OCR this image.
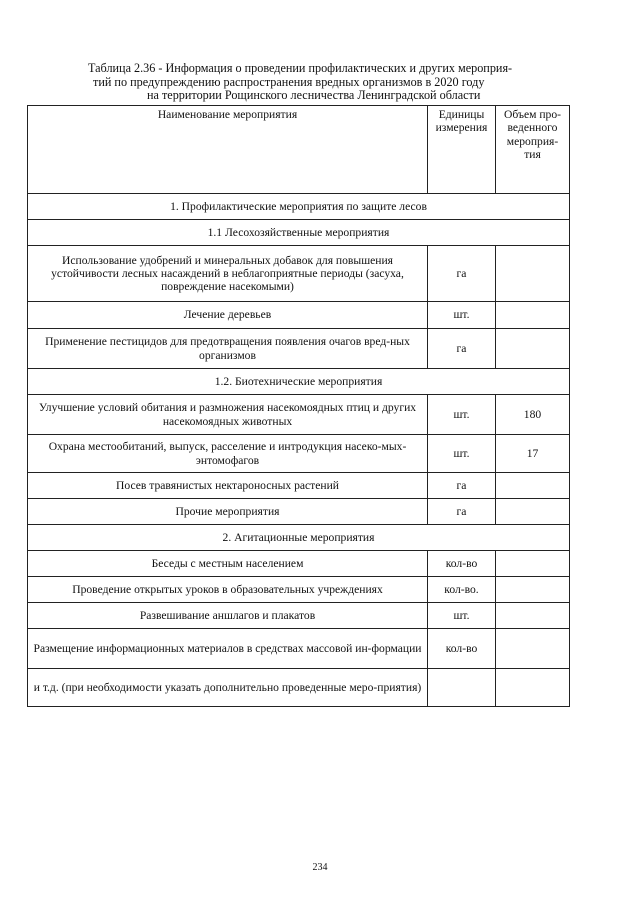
Таблица 2.36 - Информация о проведении профилактических и других мероприя-
тий по предупреждению распространения вредных организмов в 2020 году
на территории Рощинского лесничества Ленинградской области
Наименование мероприятия	Единицы измерения	Объем про-веденного мероприя-тия
1. Профилактические мероприятия по защите лесов		
1.1 Лесохозяйственные мероприятия		
Использование удобрений и минеральных добавок для повышения устойчивости лесных насаждений в неблагоприятные периоды (засуха, повреждение насекомыми)	га	
Лечение деревьев	шт.	
Применение пестицидов для предотвращения появления очагов вред-ных организмов	га	
1.2. Биотехнические мероприятия		
Улучшение условий обитания и размножения насекомоядных птиц и других насекомоядных животных	шт.	180
Охрана местообитаний, выпуск, расселение и интродукция насеко-мых-энтомофагов	шт.	17
Посев травянистых нектароносных растений	га	
Прочие мероприятия	га	
2. Агитационные мероприятия		
Беседы с местным населением	кол-во	
Проведение открытых уроков в образовательных учреждениях	кол-во.	
Развешивание аншлагов и плакатов	шт.	
Размещение информационных материалов в средствах массовой ин-формации	кол-во	
и т.д. (при необходимости указать дополнительно проведенные меро-приятия)		
234
